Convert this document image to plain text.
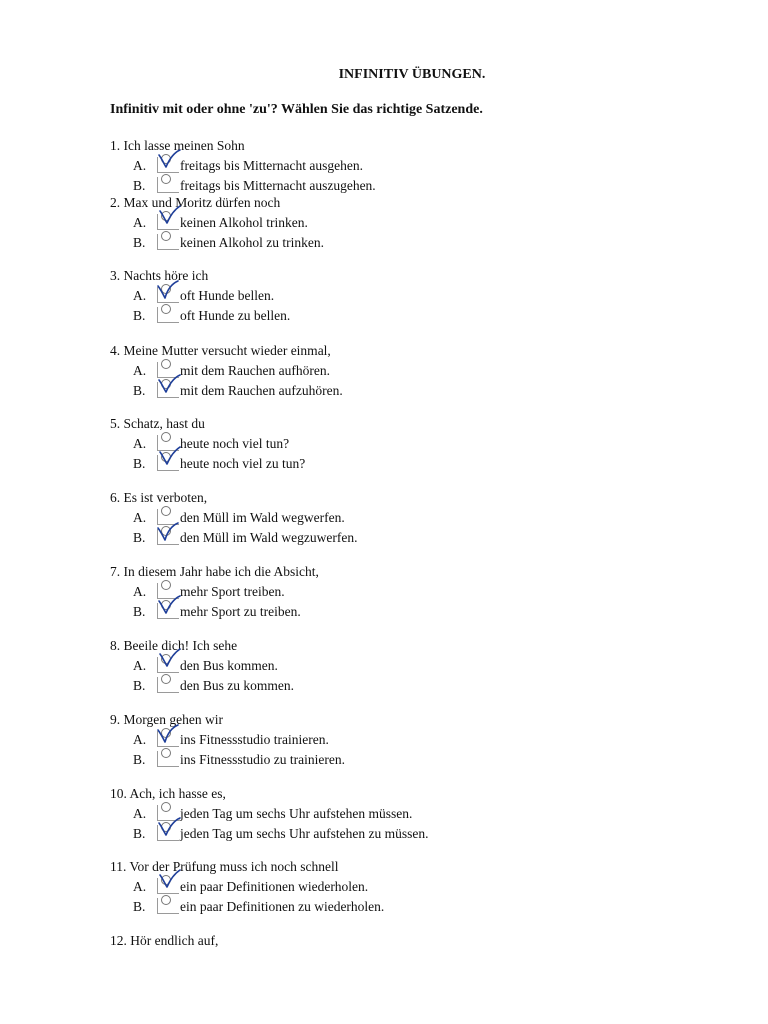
INFINITIV ÜBUNGEN.
Infinitiv mit oder ohne 'zu'? Wählen Sie das richtige Satzende.
1. Ich lasse meinen Sohn
A.	freitags bis Mitternacht ausgehen.
B.	freitags bis Mitternacht auszugehen.
2. Max und Moritz dürfen noch
A.	keinen Alkohol trinken.
B.	keinen Alkohol zu trinken.
3. Nachts höre ich
A.	oft Hunde bellen.
B.	oft Hunde zu bellen.
4. Meine Mutter versucht wieder einmal,
A.	mit dem Rauchen aufhören.
B.	mit dem Rauchen aufzuhören.
5. Schatz, hast du
A.	heute noch viel tun?
B.	heute noch viel zu tun?
6. Es ist verboten,
A.	den Müll im Wald wegwerfen.
B.	den Müll im Wald wegzuwerfen.
7. In diesem Jahr habe ich die Absicht,
A.	mehr Sport treiben.
B.	mehr Sport zu treiben.
8. Beeile dich! Ich sehe
A.	den Bus kommen.
B.	den Bus zu kommen.
9. Morgen gehen wir
A.	ins Fitnessstudio trainieren.
B.	ins Fitnessstudio zu trainieren.
10. Ach, ich hasse es,
A.	jeden Tag um sechs Uhr aufstehen müssen.
B.	jeden Tag um sechs Uhr aufstehen zu müssen.
11. Vor der Prüfung muss ich noch schnell
A.	ein paar Definitionen wiederholen.
B.	ein paar Definitionen zu wiederholen.
12. Hör endlich auf,
